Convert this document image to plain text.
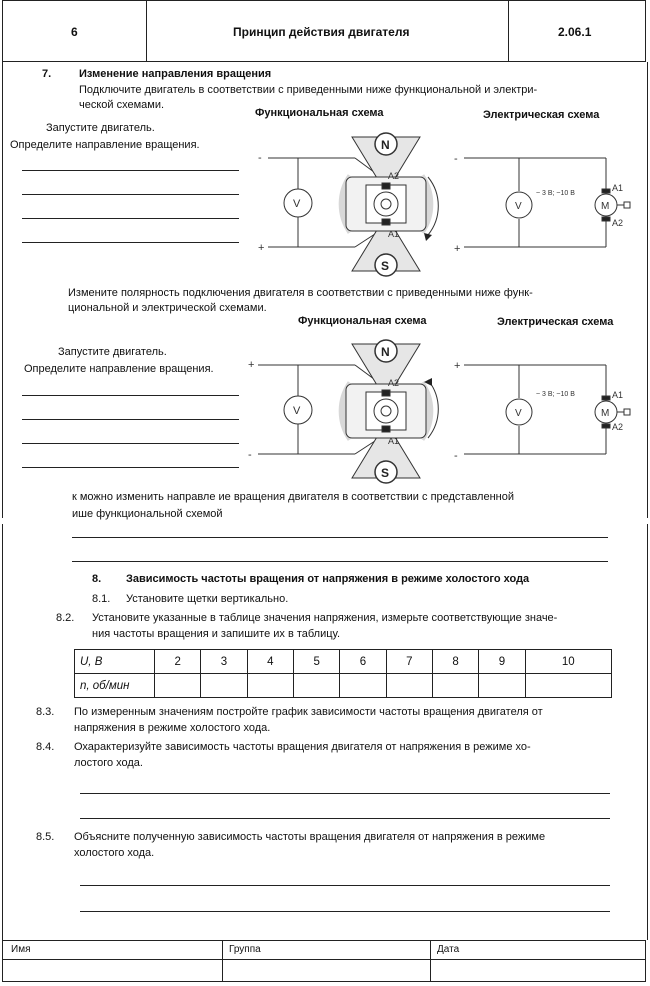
6	Принцип действия двигателя	2.06.1
7.	Изменение направления вращения
Подключите двигатель в соответствии с приведенными ниже функциональной и электри-
ческой схемами.
Функциональная схема	Электрическая схема
Запустите двигатель.
Определите направление вращения.
-
+
V
N
S
A2
A1
-
+
V
~ 3 В; ~10 В
M
A1
A2
Измените полярность подключения двигателя в соответствии с приведенными ниже функ-
циональной и электрической схемами.
Функциональная схема	Электрическая схема
Запустите двигатель.
Определите направление вращения.	+
-
V
N
S
A2
A1
+
-
V
~ 3 В; ~10 В
M
A1
A2
к можно изменить направле ие вращения двигателя в соответствии с представленной
ише функциональной схемой
8. Зависимость частоты вращения от напряжения в режиме холостого хода
8.1. Установите щетки вертикально.
8.2. Установите указанные в таблице значения напряжения, измерьте соответствующие значе-
ния частоты вращения и запишите их в таблицу.
U, В	2	3	4	5	6	7	8	9	10
n, об/мин									
8.3. По измеренным значениям постройте график зависимости частоты вращения двигателя от
напряжения в режиме холостого хода.
8.4. Охарактеризуйте зависимость частоты вращения двигателя от напряжения в режиме хо-
лостого хода.
8.5. Объясните полученную зависимость частоты вращения двигателя от напряжения в режиме
холостого хода.
Имя	Группа	Дата
